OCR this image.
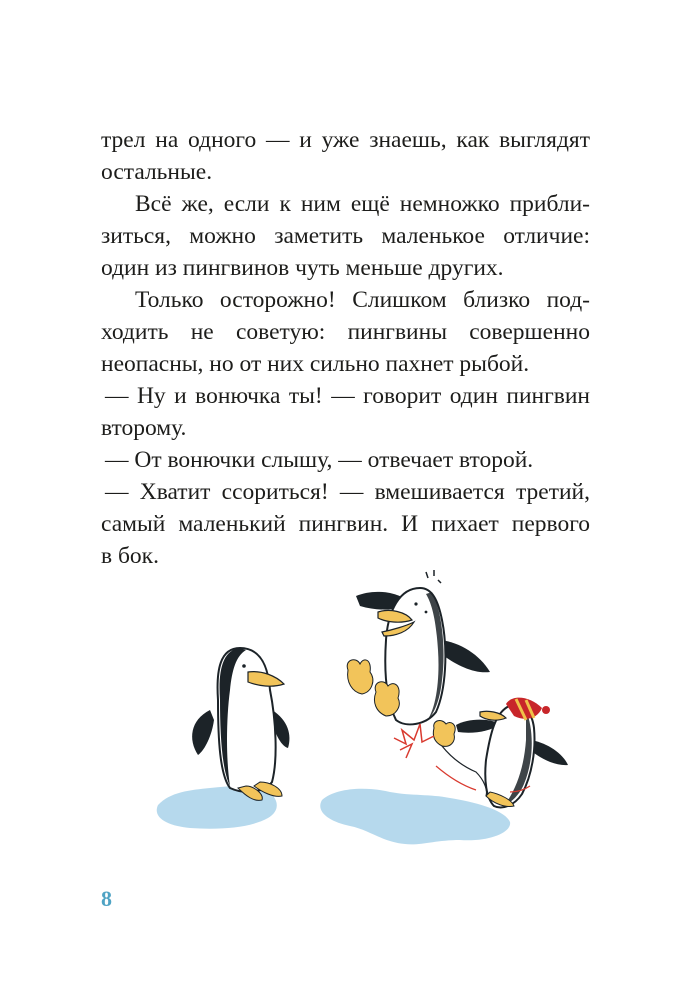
трел на одного — и уже знаешь, как выглядят
остальные.
Всё же, если к ним ещё немножко прибли-
зиться, можно заметить маленькое отличие:
один из пингвинов чуть меньше других.
Только осторожно! Слишком близко под-
ходить не советую: пингвины совершенно
неопасны, но от них сильно пахнет рыбой.
— Ну и вонючка ты! — говорит один пингвин
второму.
— От вонючки слышу, — отвечает второй.
— Хватит ссориться! — вмешивается третий,
самый маленький пингвин. И пихает первого
в бок.
8
